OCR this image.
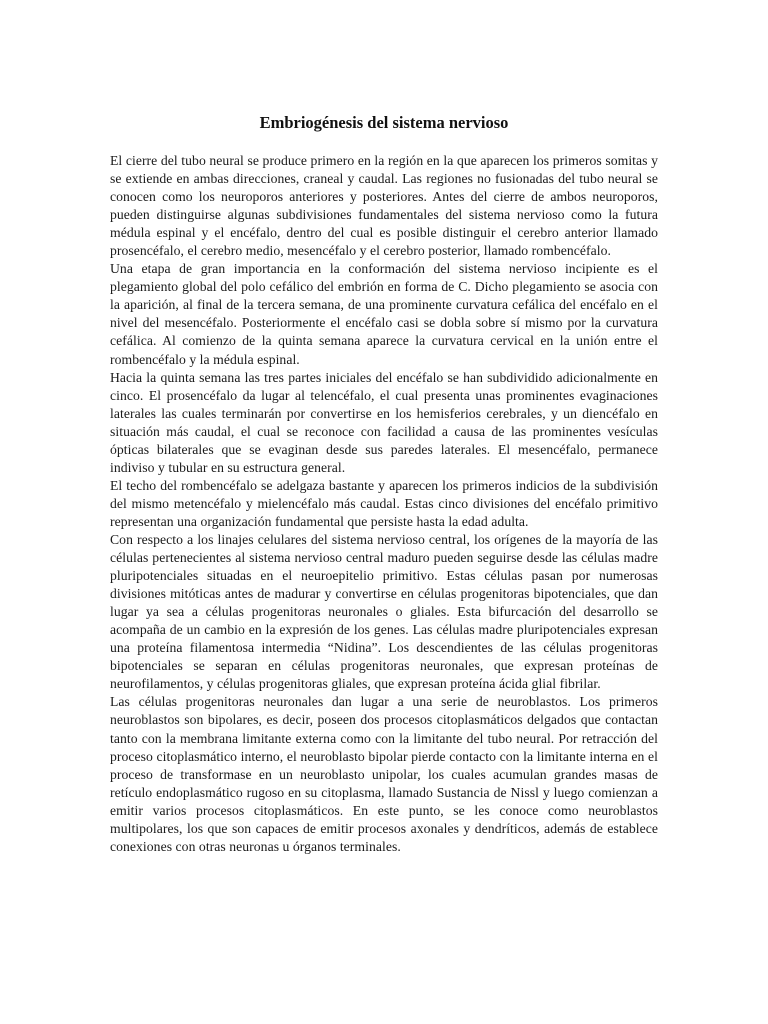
Embriogénesis del sistema nervioso

El cierre del tubo neural se produce primero en la región en la que aparecen los primeros somitas y se extiende en ambas direcciones, craneal y caudal. Las regiones no fusionadas del tubo neural se conocen como los neuroporos anteriores y posteriores. Antes del cierre de ambos neuroporos, pueden distinguirse algunas subdivisiones fundamentales del sistema nervioso como la futura médula espinal y el encéfalo, dentro del cual es posible distinguir el cerebro anterior llamado prosencéfalo, el cerebro medio, mesencéfalo y el cerebro posterior, llamado rombencéfalo.

Una etapa de gran importancia en la conformación del sistema nervioso incipiente es el plegamiento global del polo cefálico del embrión en forma de C. Dicho plegamiento se asocia con la aparición, al final de la tercera semana, de una prominente curvatura cefálica del encéfalo en el nivel del mesencéfalo. Posteriormente el encéfalo casi se dobla sobre sí mismo por la curvatura cefálica. Al comienzo de la quinta semana aparece la curvatura cervical en la unión entre el rombencéfalo y la médula espinal.

Hacia la quinta semana las tres partes iniciales del encéfalo se han subdividido adicionalmente en cinco. El prosencéfalo da lugar al telencéfalo, el cual presenta unas prominentes evaginaciones laterales las cuales terminarán por convertirse en los hemisferios cerebrales, y un diencéfalo en situación más caudal, el cual se reconoce con facilidad a causa de las prominentes vesículas ópticas bilaterales que se evaginan desde sus paredes laterales. El mesencéfalo, permanece indiviso y tubular en su estructura general.

El techo del rombencéfalo se adelgaza bastante y aparecen los primeros indicios de la subdivisión del mismo metencéfalo y mielencéfalo más caudal. Estas cinco divisiones del encéfalo primitivo representan una organización fundamental que persiste hasta la edad adulta.

Con respecto a los linajes celulares del sistema nervioso central, los orígenes de la mayoría de las células pertenecientes al sistema nervioso central maduro pueden seguirse desde las células madre pluripotenciales situadas en el neuroepitelio primitivo. Estas células pasan por numerosas divisiones mitóticas antes de madurar y convertirse en células progenitoras bipotenciales, que dan lugar ya sea a células progenitoras neuronales o gliales. Esta bifurcación del desarrollo se acompaña de un cambio en la expresión de los genes. Las células madre pluripotenciales expresan una proteína filamentosa intermedia “Nidina”. Los descendientes de las células progenitoras bipotenciales se separan en células progenitoras neuronales, que expresan proteínas de neurofilamentos, y células progenitoras gliales, que expresan proteína ácida glial fibrilar.

Las células progenitoras neuronales dan lugar a una serie de neuroblastos. Los primeros neuroblastos son bipolares, es decir, poseen dos procesos citoplasmáticos delgados que contactan tanto con la membrana limitante externa como con la limitante del tubo neural. Por retracción del proceso citoplasmático interno, el neuroblasto bipolar pierde contacto con la limitante interna en el proceso de transformase en un neuroblasto unipolar, los cuales acumulan grandes masas de retículo endoplasmático rugoso en su citoplasma, llamado Sustancia de Nissl y luego comienzan a emitir varios procesos citoplasmáticos. En este punto, se les conoce como neuroblastos multipolares, los que son capaces de emitir procesos axonales y dendríticos, además de establece conexiones con otras neuronas u órganos terminales.
